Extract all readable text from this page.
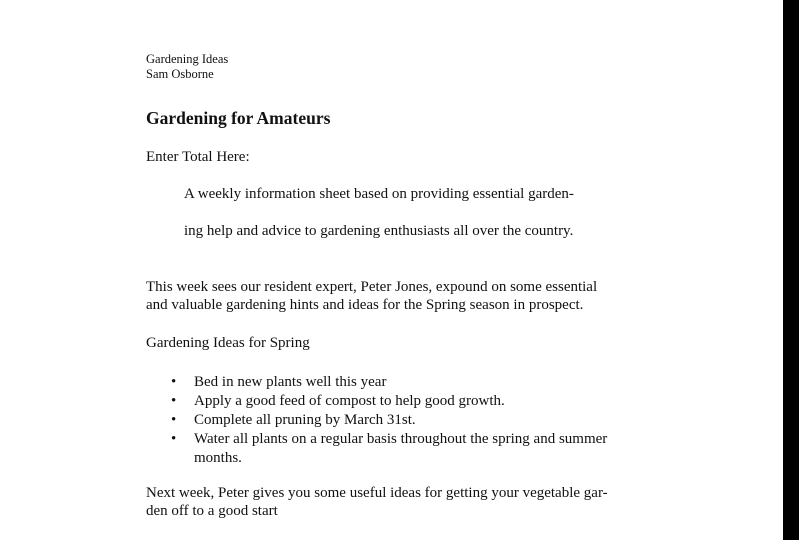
Gardening Ideas
Sam Osborne
Gardening for Amateurs
Enter Total Here:
A weekly information sheet based on providing essential garden-
ing help and advice to gardening enthusiasts all over the country.
This week sees our resident expert, Peter Jones, expound on some essential
and valuable gardening hints and ideas for the Spring season in prospect.
Gardening Ideas for Spring
• Bed in new plants well this year
• Apply a good feed of compost to help good growth.
• Complete all pruning by March 31st.
• Water all plants on a regular basis throughout the spring and summer
months.
Next week, Peter gives you some useful ideas for getting your vegetable gar-
den off to a good start
